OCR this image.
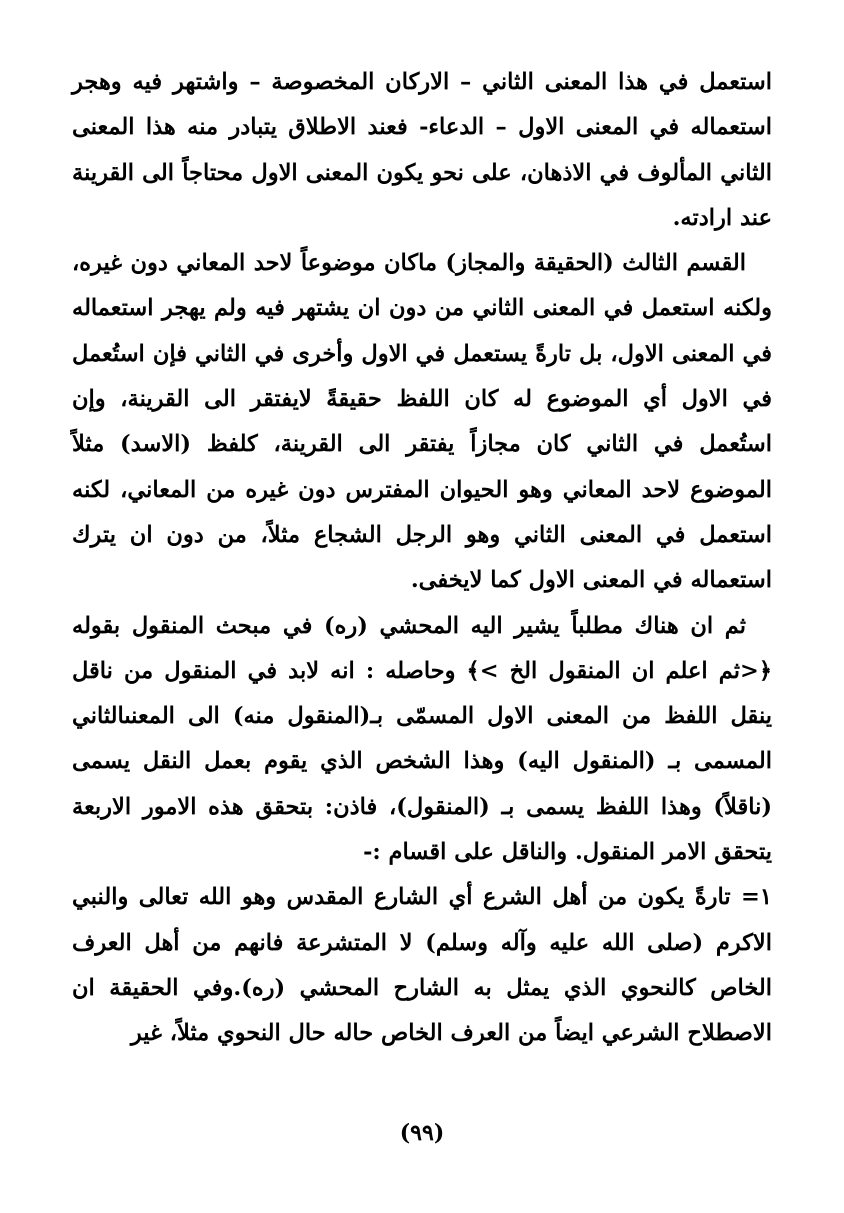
استعمل في هذا المعنى الثاني – الاركان المخصوصة – واشتهر فيه وهجر استعماله في المعنى الاول – الدعاء- فعند الاطلاق يتبادر منه هذا المعنى الثاني المألوف في الاذهان، على نحو يكون المعنى الاول محتاجاً الى القرينة عند ارادته.

القسم الثالث (الحقيقة والمجاز) ماكان موضوعاً لاحد المعاني دون غيره، ولكنه استعمل في المعنى الثاني من دون ان يشتهر فيه ولم يهجر استعماله في المعنى الاول، بل تارةً يستعمل في الاول وأخرى في الثاني فإن استُعمل في الاول أي الموضوع له كان اللفظ حقيقةً لايفتقر الى القرينة، وإن استُعمل في الثاني كان مجازاً يفتقر الى القرينة، كلفظ (الاسد) مثلاً الموضوع لاحد المعاني وهو الحيوان المفترس دون غيره من المعاني، لكنه استعمل في المعنى الثاني وهو الرجل الشجاع مثلاً، من دون ان يترك استعماله في المعنى الاول كما لايخفى.

ثم ان هناك مطلباً يشير اليه المحشي (ره) في مبحث المنقول بقوله ﴿<ثم اعلم ان المنقول الخ >﴾ وحاصله : انه لابد في المنقول من ناقل ينقل اللفظ من المعنى الاول المسمّى بـ(المنقول منه) الى المعنىالثاني المسمى بـ (المنقول اليه) وهذا الشخص الذي يقوم بعمل النقل يسمى (ناقلاً) وهذا اللفظ يسمى بـ (المنقول)، فاذن: بتحقق هذه الامور الاربعة يتحقق الامر المنقول. والناقل على اقسام :-

١= تارةً يكون من أهل الشرع أي الشارع المقدس وهو الله تعالى والنبي الاكرم (صلى الله عليه وآله وسلم) لا المتشرعة فانهم من أهل العرف الخاص كالنحوي الذي يمثل به الشارح المحشي (ره).وفي الحقيقة ان الاصطلاح الشرعي ايضاً من العرف الخاص حاله حال النحوي مثلاً، غير

(٩٩)
